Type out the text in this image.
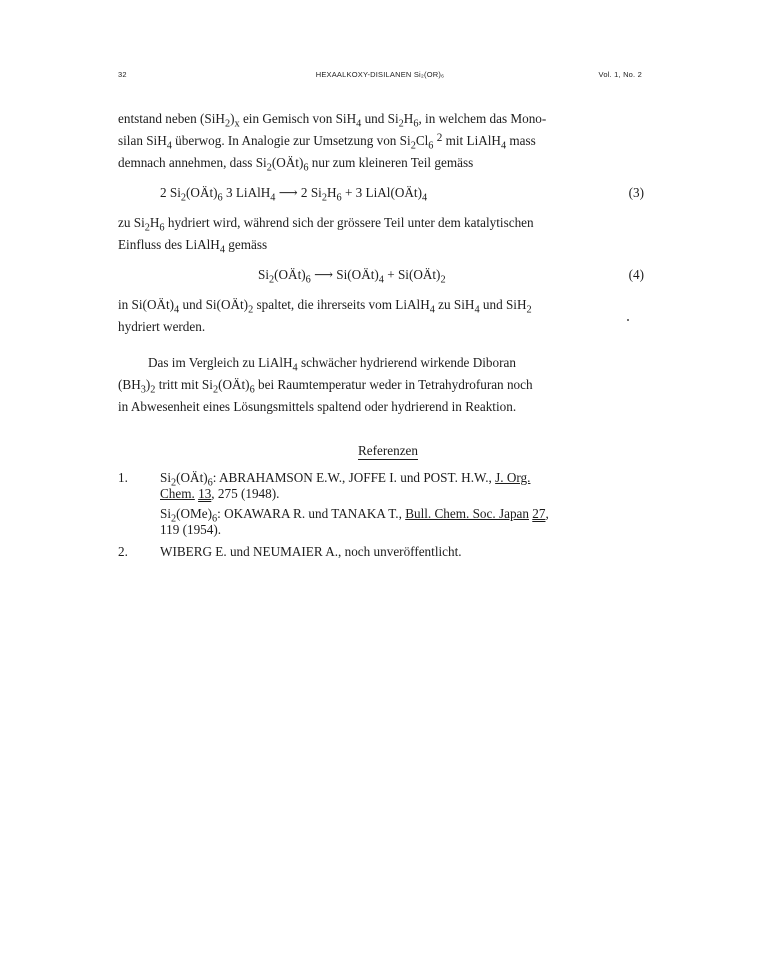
32	HEXAALKOXY-DISILANEN Si₂(OR)₆	Vol. 1, No. 2
entstand neben $(SiH_2)_x$ ein Gemisch von SiH$_4$ und $Si_2H_6$, in welchem das Mono-
silan SiH$_4$ überwog. In Analogie zur Umsetzung von $Si_2Cl_6$ $^2$ mit LiAlH$_4$ mass
demnach annehmen, dass $Si_2(OÄt)_6$ nur zum kleineren Teil gemäss
2 $Si_2(OÄt)_6$ 3 LiAlH$_4$ ⟶ 2 $Si_2H_6 + 3$ $LiAl(OÄt)_4$	(3)
zu $Si_2H_6$ hydriert wird, während sich der grössere Teil unter dem katalytischen
Einfluss des LiAlH$_4$ gemäss
$Si_2(OÄt)_6$ ⟶ $Si(OÄt)_4$ + $Si(OÄt)_2$	(4)
in $Si(OÄt)_4$ und $Si(OÄt)_2$ spaltet, die ihrerseits vom LiAlH$_4$ zu SiH$_4$ und SiH$_2$
hydriert werden.
Das im Vergleich zu LiAlH$_4$ schwächer hydrierend wirkende Diboran
$(BH_3)_2$ tritt mit $Si_2(OÄt)_6$ bei Raumtemperatur weder in Tetrahydrofuran noch
in Abwesenheit eines Lösungsmittels spaltend oder hydrierend in Reaktion.
Referenzen
1. $Si_2(OÄt)_6$: ABRAHAMSON E.W., JOFFE I. und POST. H.W., J. Org.
Chem. 13, 275 (1948).
$Si_2(OMe)_6$: OKAWARA R. und TANAKA T., Bull. Chem. Soc. Japan 27,
119 (1954).
2. WIBERG E. und NEUMAIER A., noch unveröffentlicht.
